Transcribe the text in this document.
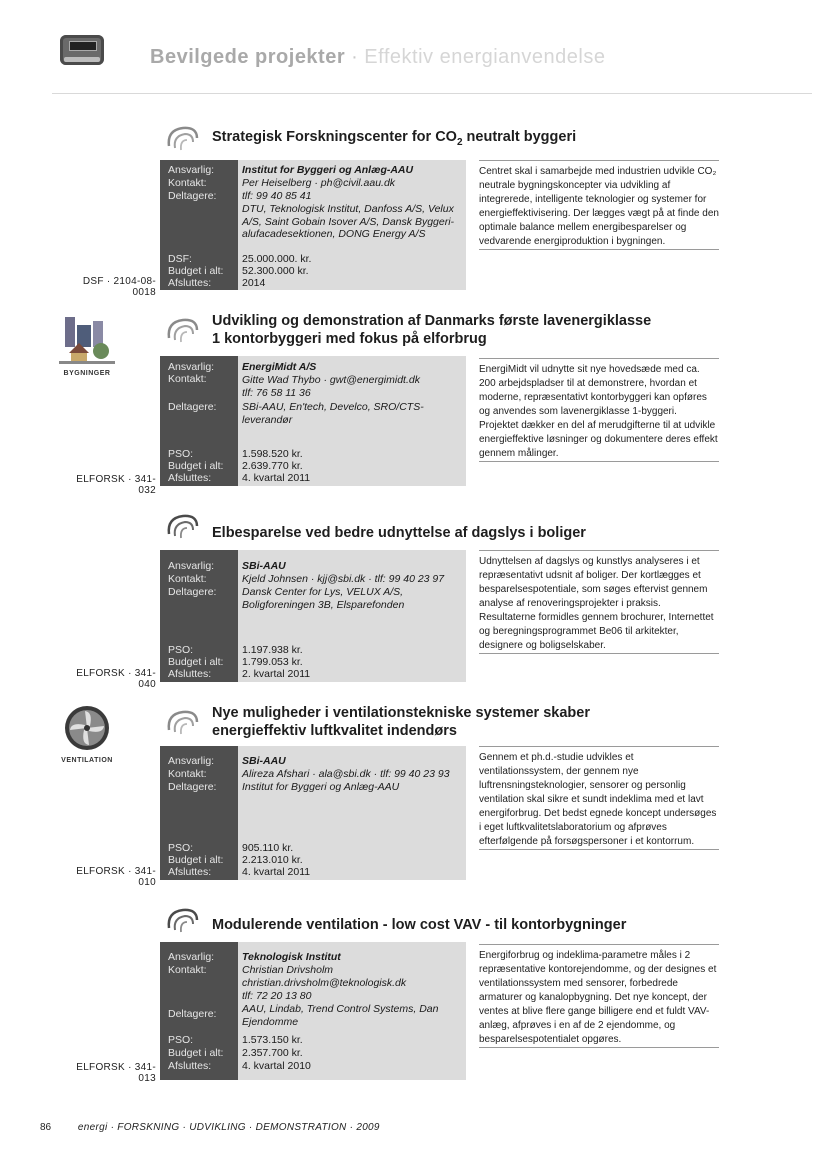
Bevilgede projekter · Effektiv energianvendelse
BYGNINGER
VENTILATION
Strategisk Forskningscenter for $CO_2$ neutralt byggeri
Ansvarlig:
Kontakt:
Deltagere:
DSF:
Budget i alt:
Afsluttes:
Institut for Byggeri og Anlæg-AAU
Per Heiselberg · ph@civil.aau.dk
tlf: 99 40 85 41
DTU, Teknologisk Institut, Danfoss A/S, Velux A/S, Saint Gobain Isover A/S, Dansk Byggeri-alufacadesektionen, DONG Energy A/S
25.000.000. kr.
52.300.000 kr.
2014
Centret skal i samarbejde med industrien udvikle CO₂ neutrale bygningskoncepter via udvikling af integrerede, intelligente teknologier og systemer for energieffektivisering. Der lægges vægt på at finde den optimale balance mellem energibesparelser og vedvarende energiproduktion i bygningen.
DSF · 2104-08-0018
Udvikling og demonstration af Danmarks første lavenergiklasse
1 kontorbyggeri med fokus på elforbrug
Ansvarlig:
Kontakt:
Deltagere:
PSO:
Budget i alt:
Afsluttes:
EnergiMidt A/S
Gitte Wad Thybo · gwt@energimidt.dk
tlf: 76 58 11 36
SBi-AAU, En'tech, Develco, SRO/CTS-leverandør
1.598.520 kr.
2.639.770 kr.
4. kvartal 2011
EnergiMidt vil udnytte sit nye hovedsæde med ca. 200 arbejdspladser til at demonstrere, hvordan et moderne, repræsentativt kontorbyggeri kan opføres og anvendes som lavenergiklasse 1-byggeri. Projektet dækker en del af merudgifterne til at udvikle energieffektive løsninger og dokumentere deres effekt gennem målinger.
ELFORSK · 341-032
Elbesparelse ved bedre udnyttelse af dagslys i boliger
Ansvarlig:
Kontakt:
Deltagere:
PSO:
Budget i alt:
Afsluttes:
SBi-AAU
Kjeld Johnsen · kjj@sbi.dk · tlf: 99 40 23 97
Dansk Center for Lys, VELUX A/S, Boligforeningen 3B, Elsparefonden
1.197.938 kr.
1.799.053 kr.
2. kvartal 2011
Udnyttelsen af dagslys og kunstlys analyseres i et repræsentativt udsnit af boliger. Der kortlægges et besparelsespotentiale, som søges eftervist gennem analyse af renoveringsprojekter i praksis. Resultaterne formidles gennem brochurer, Internettet og beregningsprogrammet Be06 til arkitekter, designere og boligselskaber.
ELFORSK · 341-040
Nye muligheder i ventilationstekniske systemer skaber
energieffektiv luftkvalitet indendørs
Ansvarlig:
Kontakt:
Deltagere:
PSO:
Budget i alt:
Afsluttes:
SBi-AAU
Alireza Afshari · ala@sbi.dk · tlf: 99 40 23 93
Institut for Byggeri og Anlæg-AAU
905.110 kr.
2.213.010 kr.
4. kvartal 2011
Gennem et ph.d.-studie udvikles et ventilationssystem, der gennem nye luftrensningsteknologier, sensorer og personlig ventilation skal sikre et sundt indeklima med et lavt energiforbrug. Det bedst egnede koncept undersøges i eget luftkvalitetslaboratorium og afprøves efterfølgende på forsøgspersoner i et kontorrum.
ELFORSK · 341-010
Modulerende ventilation - low cost VAV - til kontorbygninger
Ansvarlig:
Kontakt:
Deltagere:
PSO:
Budget i alt:
Afsluttes:
Teknologisk Institut
Christian Drivsholm
christian.drivsholm@teknologisk.dk
tlf: 72 20 13 80
AAU, Lindab, Trend Control Systems, Dan Ejendomme
1.573.150 kr.
2.357.700 kr.
4. kvartal 2010
Energiforbrug og indeklima-parametre måles i 2 repræsentative kontorejendomme, og der designes et ventilationssystem med sensorer, forbedrede armaturer og kanalopbygning. Det nye koncept, der ventes at blive flere gange billigere end et fuldt VAV-anlæg, afprøves i en af de 2 ejendomme, og besparelsespotentialet opgøres.
ELFORSK · 341-013
86	energi · FORSKNING · UDVIKLING · DEMONSTRATION · 2009
